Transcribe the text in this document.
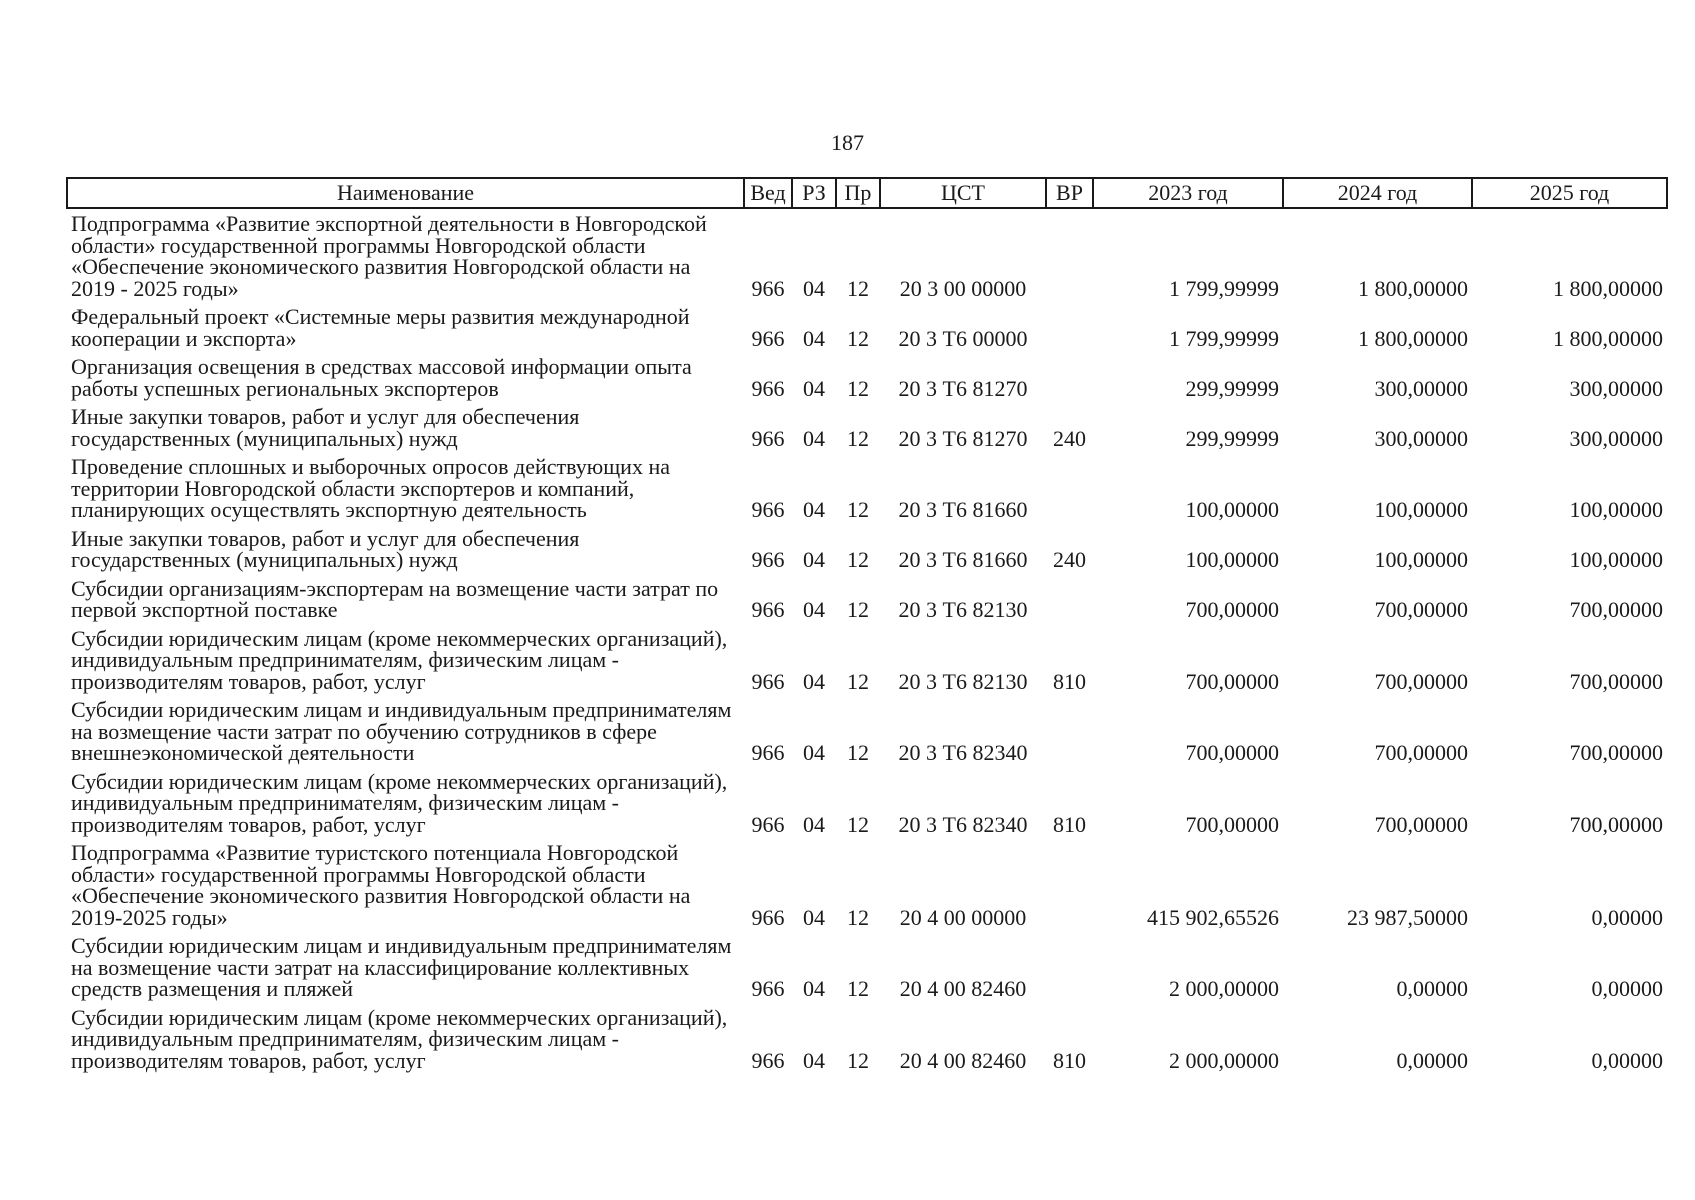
187
Наименование	Вед	РЗ	Пр	ЦСТ	ВР	2023 год	2024 год	2025 год
Подпрограмма «Развитие экспортной деятельности в Новгородской области» государственной программы Новгородской области «Обеспечение экономического развития Новгородской области на 2019 - 2025 годы»	966	04	12	20 3 00 00000		1 799,99999	1 800,00000	1 800,00000
Федеральный проект «Системные меры развития международной кооперации и экспорта»	966	04	12	20 3 Т6 00000		1 799,99999	1 800,00000	1 800,00000
Организация освещения в средствах массовой информации опыта работы успешных региональных экспортеров	966	04	12	20 3 Т6 81270		299,99999	300,00000	300,00000
Иные закупки товаров, работ и услуг для обеспечения государственных (муниципальных) нужд	966	04	12	20 3 Т6 81270	240	299,99999	300,00000	300,00000
Проведение сплошных и выборочных опросов действующих на территории Новгородской области экспортеров и компаний, планирующих осуществлять экспортную деятельность	966	04	12	20 3 Т6 81660		100,00000	100,00000	100,00000
Иные закупки товаров, работ и услуг для обеспечения государственных (муниципальных) нужд	966	04	12	20 3 Т6 81660	240	100,00000	100,00000	100,00000
Субсидии организациям-экспортерам на возмещение части затрат по первой экспортной поставке	966	04	12	20 3 Т6 82130		700,00000	700,00000	700,00000
Субсидии юридическим лицам (кроме некоммерческих организаций), индивидуальным предпринимателям, физическим лицам - производителям товаров, работ, услуг	966	04	12	20 3 Т6 82130	810	700,00000	700,00000	700,00000
Субсидии юридическим лицам и индивидуальным предпринимателям на возмещение части затрат по обучению сотрудников в сфере внешнеэкономической деятельности	966	04	12	20 3 Т6 82340		700,00000	700,00000	700,00000
Субсидии юридическим лицам (кроме некоммерческих организаций), индивидуальным предпринимателям, физическим лицам - производителям товаров, работ, услуг	966	04	12	20 3 Т6 82340	810	700,00000	700,00000	700,00000
Подпрограмма «Развитие туристского потенциала Новгородской области» государственной программы Новгородской области «Обеспечение экономического развития Новгородской области на 2019-2025 годы»	966	04	12	20 4 00 00000		415 902,65526	23 987,50000	0,00000
Субсидии юридическим лицам и индивидуальным предпринимателям на возмещение части затрат на классифицирование коллективных средств размещения и пляжей	966	04	12	20 4 00 82460		2 000,00000	0,00000	0,00000
Субсидии юридическим лицам (кроме некоммерческих организаций), индивидуальным предпринимателям, физическим лицам - производителям товаров, работ, услуг	966	04	12	20 4 00 82460	810	2 000,00000	0,00000	0,00000
